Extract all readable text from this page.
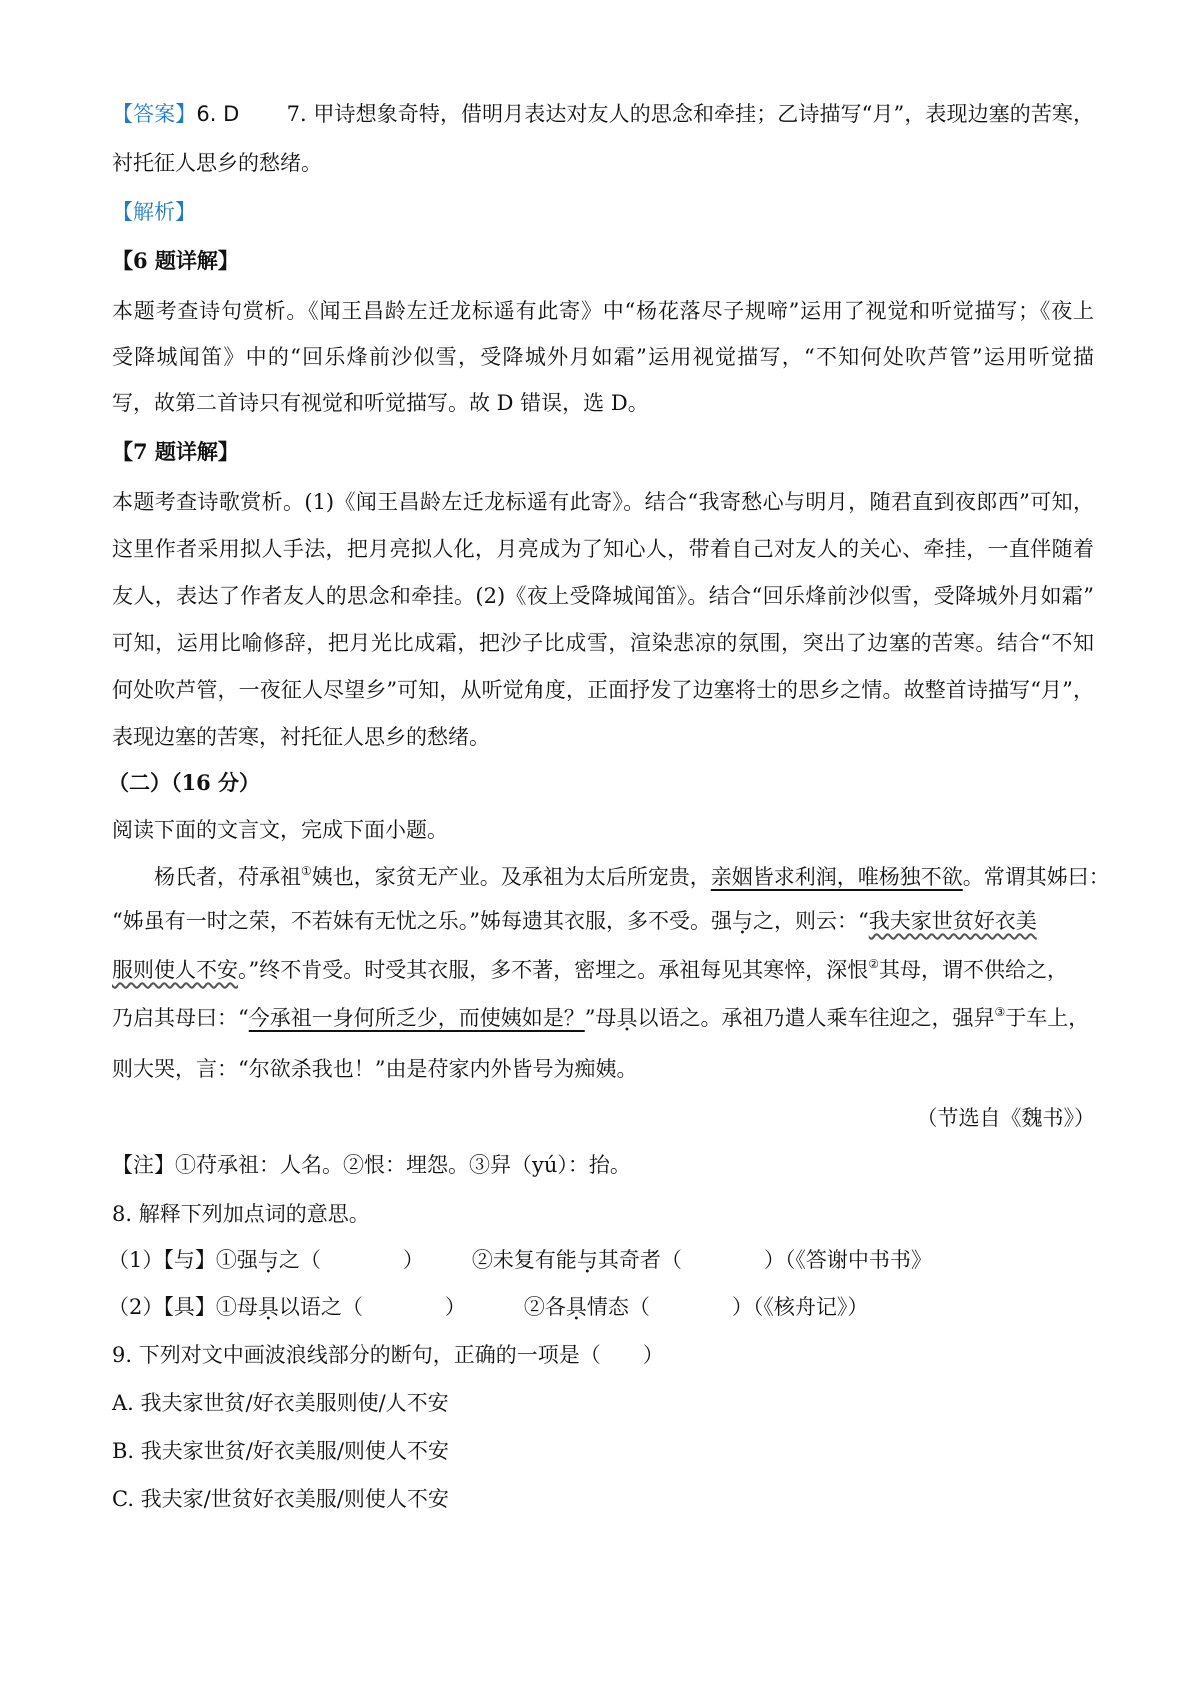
【答案】6. D 7. 甲诗想象奇特，借明月表达对友人的思念和牵挂；乙诗描写“月”，表现边塞的苦寒，
衬托征人思乡的愁绪。
【解析】
【6 题详解】
本题考查诗句赏析。《闻王昌龄左迁龙标遥有此寄》中“杨花落尽子规啼”运用了视觉和听觉描写；《夜上
受降城闻笛》中的“回乐烽前沙似雪，受降城外月如霜”运用视觉描写，“不知何处吹芦管”运用听觉描
写，故第二首诗只有视觉和听觉描写。故 D 错误，选 D。
【7 题详解】
本题考查诗歌赏析。(1)《闻王昌龄左迁龙标遥有此寄》。结合“我寄愁心与明月，随君直到夜郎西”可知，
这里作者采用拟人手法，把月亮拟人化，月亮成为了知心人，带着自己对友人的关心、牵挂，一直伴随着
友人，表达了作者友人的思念和牵挂。(2)《夜上受降城闻笛》。结合“回乐烽前沙似雪，受降城外月如霜”
可知，运用比喻修辞，把月光比成霜，把沙子比成雪，渲染悲凉的氛围，突出了边塞的苦寒。结合“不知
何处吹芦管，一夜征人尽望乡”可知，从听觉角度，正面抒发了边塞将士的思乡之情。故整首诗描写“月”，
表现边塞的苦寒，衬托征人思乡的愁绪。
（二）（16 分）
阅读下面的文言文，完成下面小题。
杨氏者，苻承祖①姨也，家贫无产业。及承祖为太后所宠贵，亲姻皆求利润，唯杨独不欲。常谓其姊曰：
“姊虽有一时之荣，不若妹有无忧之乐。”姊每遗其衣服，多不受。强与之，则云：“我夫家世贫好衣美
服则使人不安。”终不肯受。时受其衣服，多不著，密埋之。承祖每见其寒悴，深恨②其母，谓不供给之，
乃启其母曰：“今承祖一身何所乏少，而使姨如是？”母具以语之。承祖乃遣人乘车往迎之，强舁③于车上，
则大哭，言：“尔欲杀我也！”由是苻家内外皆号为痴姨。
（节选自《魏书》）
【注】①苻承祖：人名。②恨：埋怨。③舁（yú）：抬。
8. 解释下列加点词的意思。
（1）【与】①强与之（	） ②未复有能与其奇者（	）（《答谢中书书》
（2）【具】①母具以语之（	）	②各具情态（	）（《核舟记》）
9. 下列对文中画波浪线部分的断句，正确的一项是（　　）
A. 我夫家世贫/好衣美服则使/人不安
B. 我夫家世贫/好衣美服/则使人不安
C. 我夫家/世贫好衣美服/则使人不安
